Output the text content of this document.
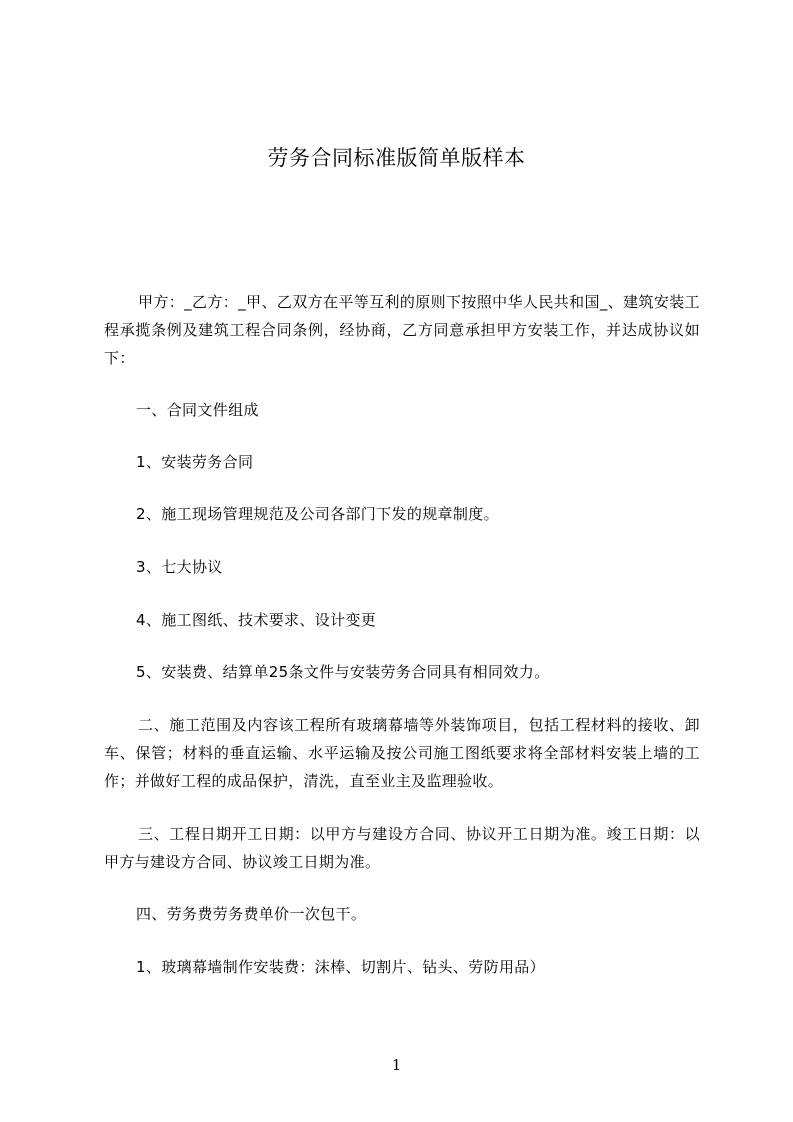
劳务合同标准版简单版样本

甲方：_乙方：_甲、乙双方在平等互利的原则下按照中华人民共和国_、建筑安装工程承揽条例及建筑工程合同条例，经协商，乙方同意承担甲方安装工作，并达成协议如下：

一、合同文件组成

1、安装劳务合同

2、施工现场管理规范及公司各部门下发的规章制度。

3、七大协议

4、施工图纸、技术要求、设计变更

5、安装费、结算单25条文件与安装劳务合同具有相同效力。

二、施工范围及内容该工程所有玻璃幕墙等外装饰项目，包括工程材料的接收、卸车、保管；材料的垂直运输、水平运输及按公司施工图纸要求将全部材料安装上墙的工作；并做好工程的成品保护，清洗，直至业主及监理验收。

三、工程日期开工日期：以甲方与建设方合同、协议开工日期为准。竣工日期：以甲方与建设方合同、协议竣工日期为准。

四、劳务费劳务费单价一次包干。

1、玻璃幕墙制作安装费：沫棒、切割片、钻头、劳防用品）

1
